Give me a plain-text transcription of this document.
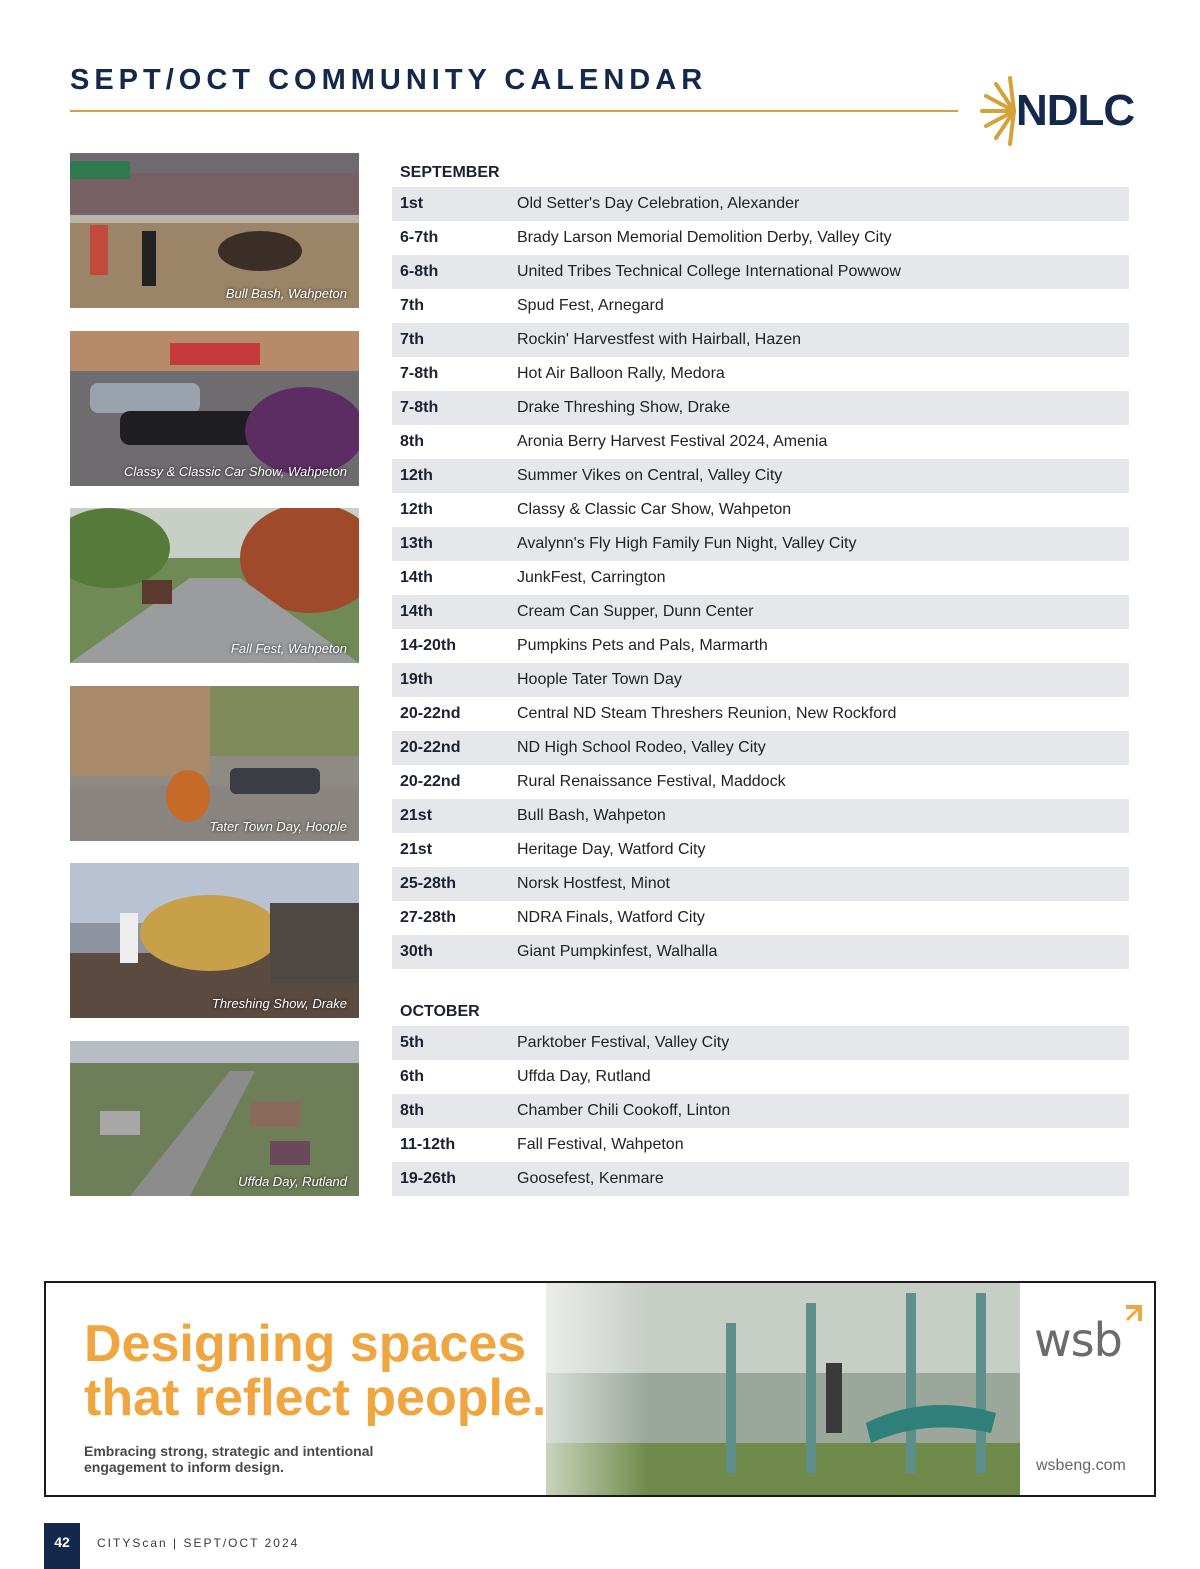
SEPT/OCT COMMUNITY CALENDAR
NDLC
Bull Bash, Wahpeton
Classy & Classic Car Show, Wahpeton
Fall Fest, Wahpeton
Tater Town Day, Hoople
Threshing Show, Drake
Uffda Day, Rutland
SEPTEMBER
1st	Old Setter's Day Celebration, Alexander
6-7th	Brady Larson Memorial Demolition Derby, Valley City
6-8th	United Tribes Technical College International Powwow
7th	Spud Fest, Arnegard
7th	Rockin' Harvestfest with Hairball, Hazen
7-8th	Hot Air Balloon Rally, Medora
7-8th	Drake Threshing Show, Drake
8th	Aronia Berry Harvest Festival 2024, Amenia
12th	Summer Vikes on Central, Valley City
12th	Classy & Classic Car Show, Wahpeton
13th	Avalynn's Fly High Family Fun Night, Valley City
14th	JunkFest, Carrington
14th	Cream Can Supper, Dunn Center
14-20th	Pumpkins Pets and Pals, Marmarth
19th	Hoople Tater Town Day
20-22nd	Central ND Steam Threshers Reunion, New Rockford
20-22nd	ND High School Rodeo, Valley City
20-22nd	Rural Renaissance Festival, Maddock
21st	Bull Bash, Wahpeton
21st	Heritage Day, Watford City
25-28th	Norsk Hostfest, Minot
27-28th	NDRA Finals, Watford City
30th	Giant Pumpkinfest, Walhalla
OCTOBER
5th	Parktober Festival, Valley City
6th	Uffda Day, Rutland
8th	Chamber Chili Cookoff, Linton
11-12th	Fall Festival, Wahpeton
19-26th	Goosefest, Kenmare
Designing spaces
that reflect people.
Embracing strong, strategic and intentional
engagement to inform design.
wsb
wsbeng.com
42	CITYScan | SEPT/OCT 2024
